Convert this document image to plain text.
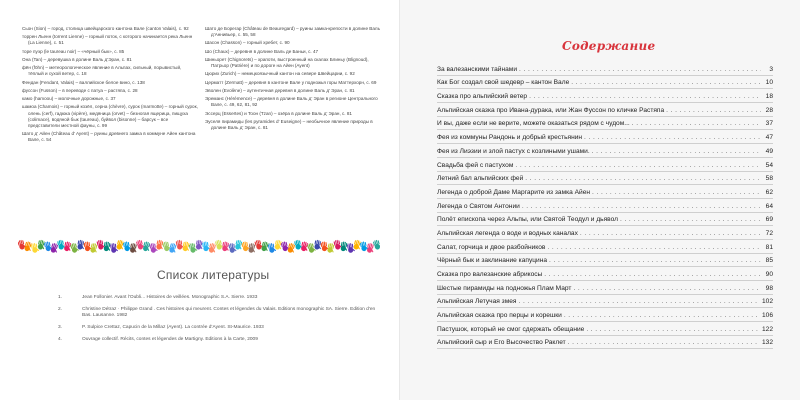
Сьон (Sion) – город, столица швейцарского кантона Вале (canton Valais), с. 92
торрен Льенн (torrent Lienne) – горный поток, с которого начинается река Льенн (La Lienne), с. 51
торе пуэр (le taureau noir) – «чёрный бык», с. 85
Она (Tan) – деревушка в долине Валь д’Эран, с. 81
фён (föhn) – метеорологическое явление в Альпах, сильный, порывистый, тёплый и сухой ветер, с. 18
Фендан (Fendant, Valais) – валлийское белое вино, с. 138
фуссон (Fusson) – в переводе с патуа – растяпа, с. 28
камо (hamoou) – молочные дорожные, с. 37
шамоа (Chamois) – горный козёл, серна (chèvre), сурок (marmotte) – горный сурок, олень (cerf), гадюка (vipère), медяница (orvet) – безногая ящерица, пищуха (colimace), водяной бык (taureau), буйвол (bisonne) – барсук – все представители местной фауны, с. 99
Шато д’ Айен (Château d’ Ayent) – руины древнего замка в коммуне Айен кантона Вале, с. 54
Шато де Борегар (Château de Beauregard) – руины замка-крепости в долине Валь д’Аннивьер, с. 55, 58
Шасон (Chasson) – горный хребет, с. 90
Шо (Chaux) – деревня в долине Валь де Баньи, с. 47
Шиньорет (Chignorets) – храпоти, выстроенный на скалах Блиньу (Blignoud), Патрьор (Patrière) и по дороге на Айен (Ayent)
Цюрих (Zurich) – немецкоязычный кантон на севере Швейцарии, с. 92
Церматт (Zermatt) – деревня в кантоне Вале у подножья горы Маттерхорн, с. 69
Эволен (Evolène) – аутентичная деревня в долине Валь д’ Эран, с. 81
Эреманс (Hérémence) – деревня в долине Валь д’ Эран в регионе Центрального Вале, с. 49, 62, 81, 92
Эссерц (Essertes) и Тоон (Tzan) – озёра в долине Валь д’ Эран, с. 81
Эуселя пирамиды (les pyramides d’ Euseigne) – необычное явление природы в долине Валь д’ Эран, с. 81
Список литературы
1.	Jean Follonier. Avant l’Oubli... Histoires de veillées. Monographic S.A. Sierre. 1933
2.	Christine Détraz · Philippe Grand . Ces histoires qui meurent. Contes et légendes du Valais. Editions monographic SA. Sierre. Edition d’en Bas. Lausanne. 1982
3.	P. Sulpice Crettaz, Capucin de la Millaz (Ayent). La contrée d’Ayent. St-Maurice. 1933
4.	Ouvrage collectif. Récits, contes et légendes de Martigny. Editions à la Carte, 2009
Содержание
За валезанскими тайнами . . .	3
Как Бог создал свой шедевр – кантон Вале . . .	10
Сказка про альпийский ветер . . .	18
Альпийская сказка про Ивана-дурака, или Жан Фуссон по кличке Растяпа . . .	28
И вы, даже если не верите, можете оказаться рядом с чудом... . . .	37
Фея из коммуны Рандонь и добрый крестьянин . . .	47
Фея из Лиэзии и злой пастух с козлиными ушами. . . .	49
Свадьба фей с пастухом . . .	54
Летний бал альпийских фей . . .	58
Легенда о доброй Даме Маргарите из замка Айен . . .	62
Легенда о Святом Антонии . . .	64
Полёт епископа через Альпы, или Святой Теодул и дьявол . . .	69
Альпийская легенда о воде и водных каналах . . .	72
Салат, горчица и двое разбойников . . .	81
Чёрный бык и заклинание капуцина . . .	85
Сказка про валезанские абрикосы . . .	90
Шестые пирамиды на подножья Плам Март . . .	98
Альпийская Летучая змея . . .	102
Альпийская сказка про перцы и корешки . . .	106
Пастушок, который не смог сдержать обещание . . .	122
Альпийский сыр и Его Высочество Раклет . . .	132
